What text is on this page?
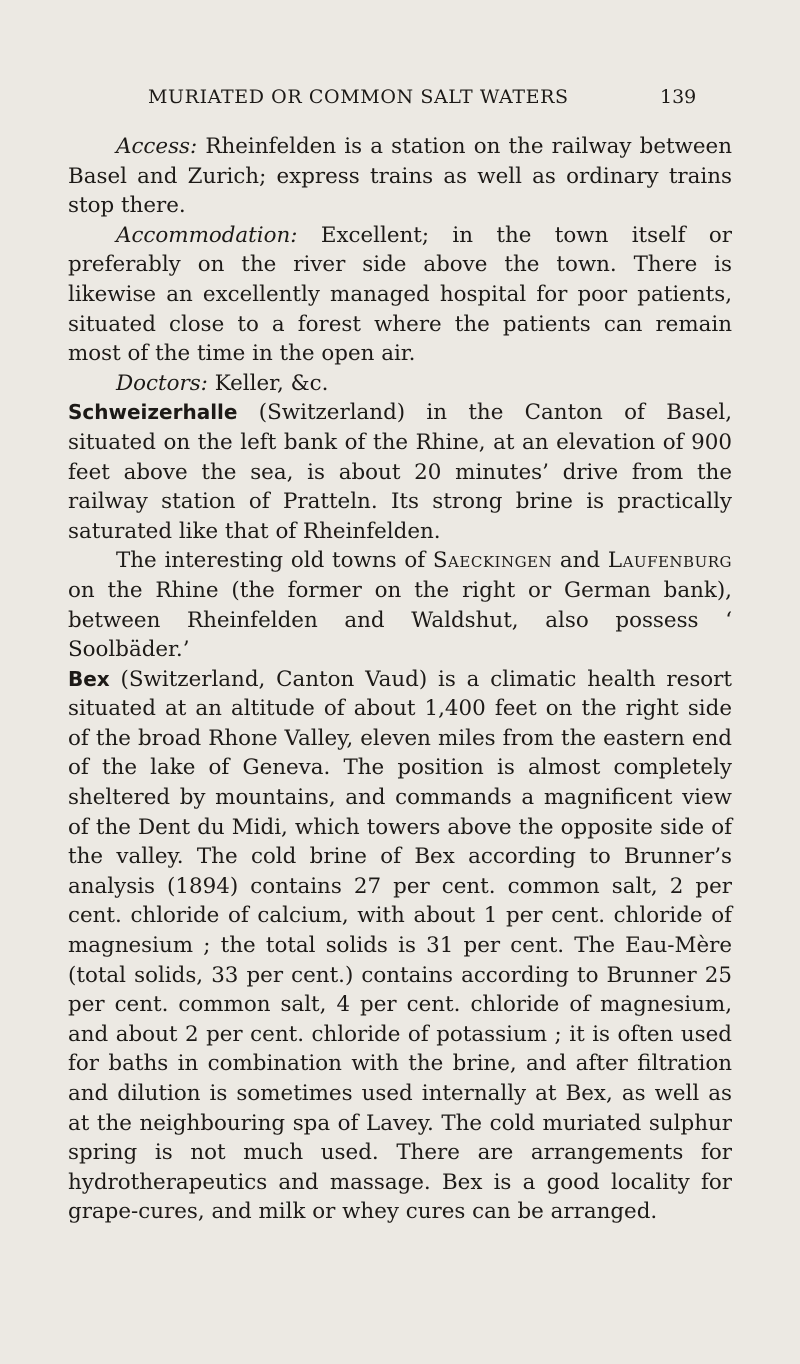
MURIATED OR COMMON SALT WATERS	139

Access: Rheinfelden is a station on the railway between Basel and Zurich; express trains as well as ordinary trains stop there.

Accommodation: Excellent; in the town itself or preferably on the river side above the town. There is likewise an excellently managed hospital for poor patients, situated close to a forest where the patients can remain most of the time in the open air.

Doctors: Keller, &c.

Schweizerhalle (Switzerland) in the Canton of Basel, situated on the left bank of the Rhine, at an elevation of 900 feet above the sea, is about 20 minutes’ drive from the railway station of Pratteln. Its strong brine is practically saturated like that of Rheinfelden.

The interesting old towns of Saeckingen and Laufenburg on the Rhine (the former on the right or German bank), between Rheinfelden and Waldshut, also possess ‘ Soolbäder.’

Bex (Switzerland, Canton Vaud) is a climatic health resort situated at an altitude of about 1,400 feet on the right side of the broad Rhone Valley, eleven miles from the eastern end of the lake of Geneva. The position is almost completely sheltered by mountains, and commands a magnificent view of the Dent du Midi, which towers above the opposite side of the valley. The cold brine of Bex according to Brunner’s analysis (1894) contains 27 per cent. common salt, 2 per cent. chloride of calcium, with about 1 per cent. chloride of magnesium ; the total solids is 31 per cent. The Eau-Mère (total solids, 33 per cent.) contains according to Brunner 25 per cent. common salt, 4 per cent. chloride of magnesium, and about 2 per cent. chloride of potassium ; it is often used for baths in combination with the brine, and after filtration and dilution is sometimes used internally at Bex, as well as at the neighbouring spa of Lavey. The cold muriated sulphur spring is not much used. There are arrangements for hydrotherapeutics and massage. Bex is a good locality for grape-cures, and milk or whey cures can be arranged.
